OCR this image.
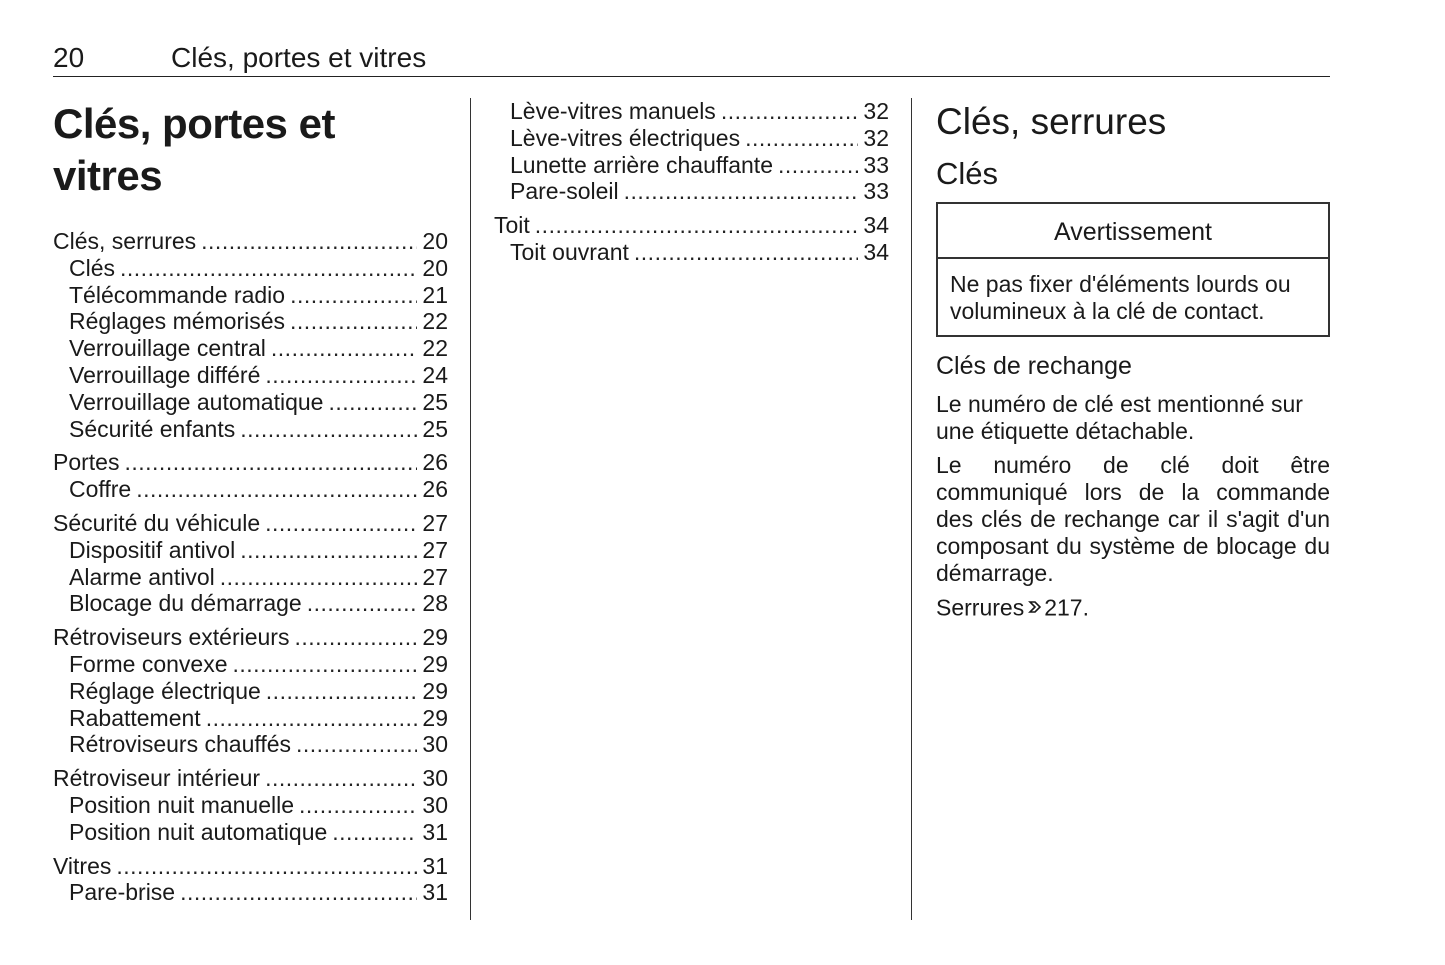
20	Clés, portes et vitres
Clés, portes et vitres
Clés, serrures .....	20
Clés .....	20
Télécommande radio .....	21
Réglages mémorisés .....	22
Verrouillage central .....	22
Verrouillage différé .....	24
Verrouillage automatique .....	25
Sécurité enfants .....	25
Portes .....	26
Coffre .....	26
Sécurité du véhicule .....	27
Dispositif antivol .....	27
Alarme antivol .....	27
Blocage du démarrage .....	28
Rétroviseurs extérieurs .....	29
Forme convexe .....	29
Réglage électrique .....	29
Rabattement .....	29
Rétroviseurs chauffés .....	30
Rétroviseur intérieur .....	30
Position nuit manuelle .....	30
Position nuit automatique .....	31
Vitres .....	31
Pare-brise .....	31
Lève-vitres manuels .....	32
Lève-vitres électriques .....	32
Lunette arrière chauffante .....	33
Pare-soleil .....	33
Toit .....	34
Toit ouvrant .....	34
Clés, serrures
Clés
Avertissement
Ne pas fixer d'éléments lourds ou volumineux à la clé de contact.
Clés de rechange

Le numéro de clé est mentionné sur une étiquette détachable.

Le numéro de clé doit être communiqué lors de la commande des clés de rechange car il s'agit d'un composant du système de blocage du démarrage.

Serrures 217.
